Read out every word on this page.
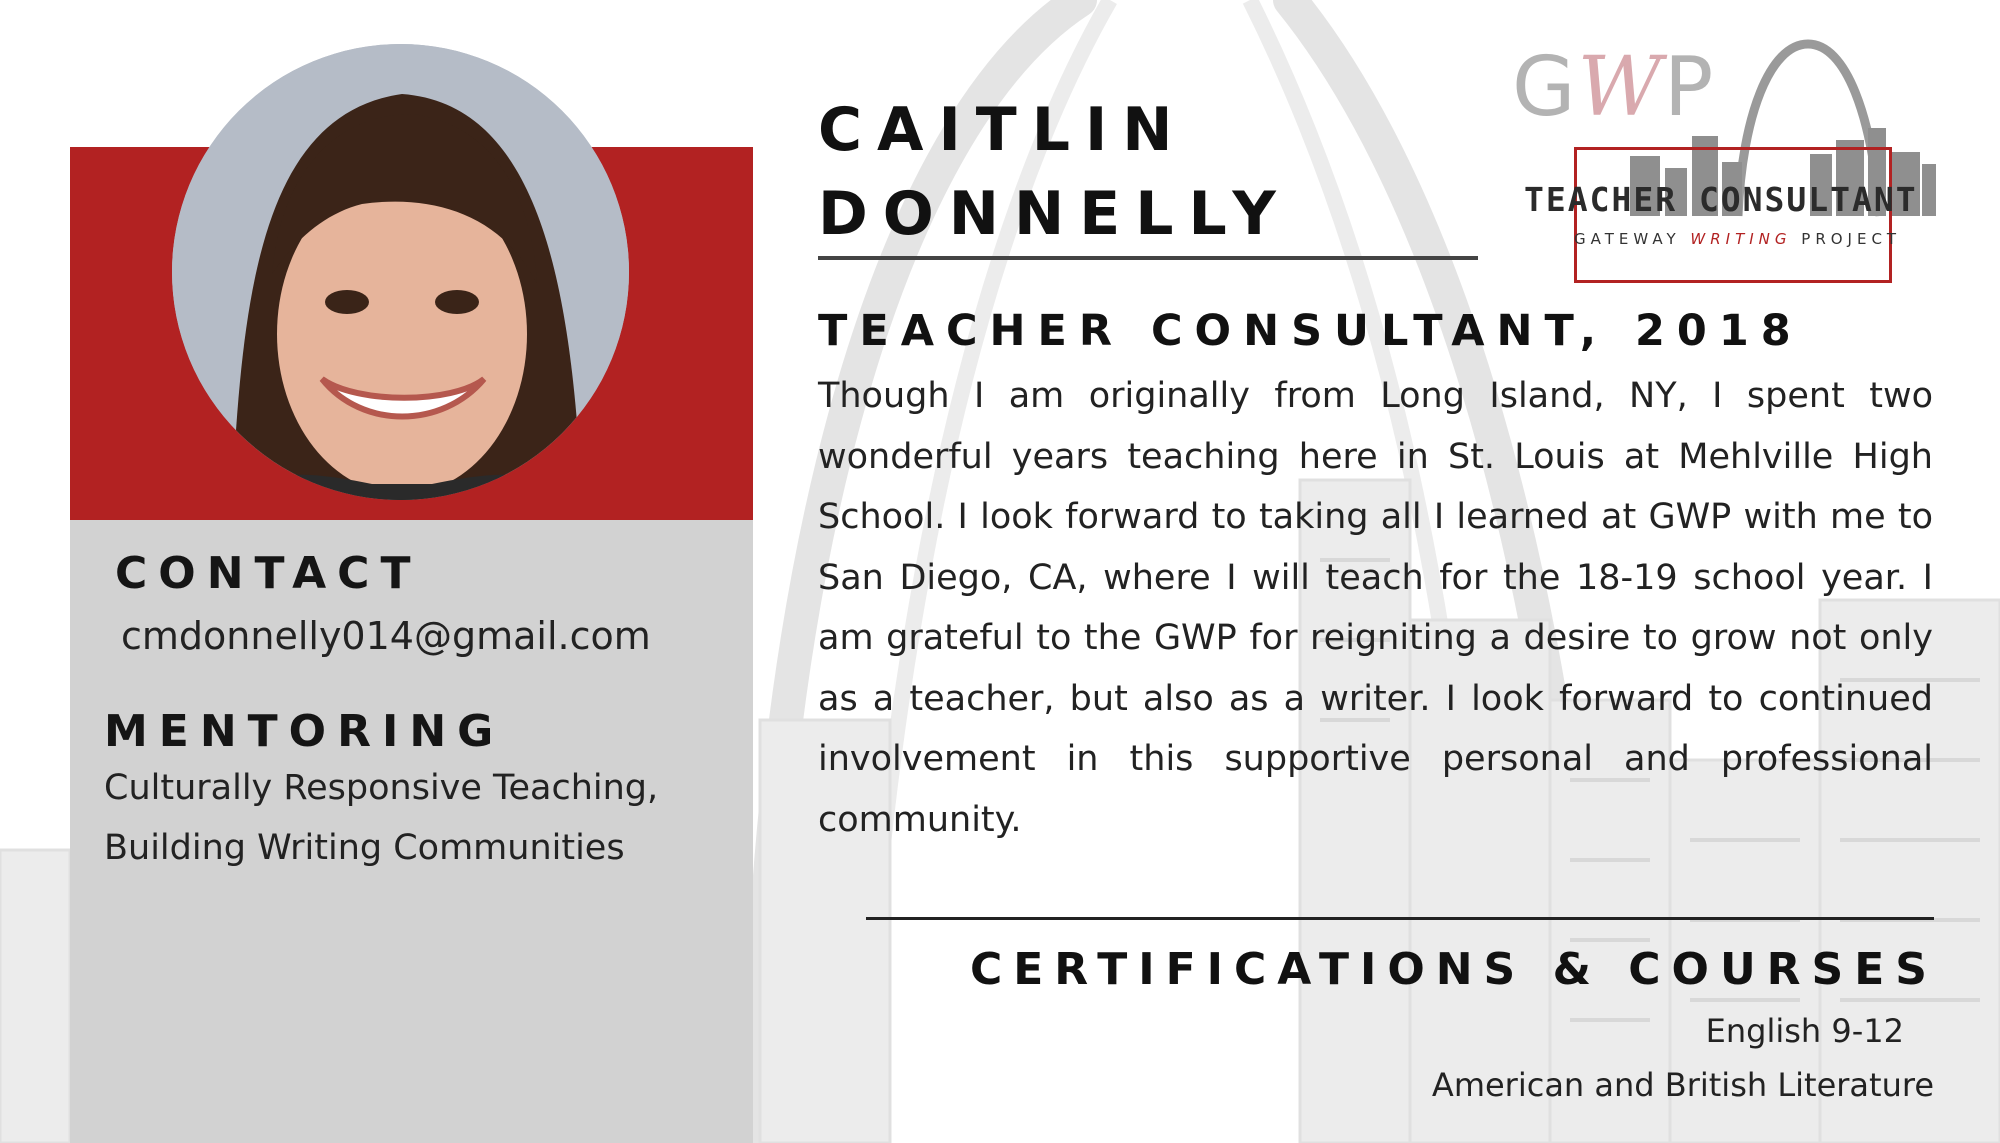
CONTACT
cmdonnelly014@gmail.com
MENTORING

Culturally Responsive Teaching,

Building Writing Communities

CAITLIN
DONNELLY
TEACHER CONSULTANT, 2018

Though I am originally from Long Island, NY, I spent two wonderful years teaching here in St. Louis at Mehlville High School. I look forward to taking all I learned at GWP with me to San Diego, CA, where I will teach for the 18-19 school year. I am grateful to the GWP for reigniting a desire to grow not only as a teacher, but also as a writer. I look forward to continued involvement in this supportive personal and professional community.

CERTIFICATIONS & COURSES
English 9-12
American and British Literature
GWP
TEACHER CONSULTANT
GATEWAY WRITING PROJECT
